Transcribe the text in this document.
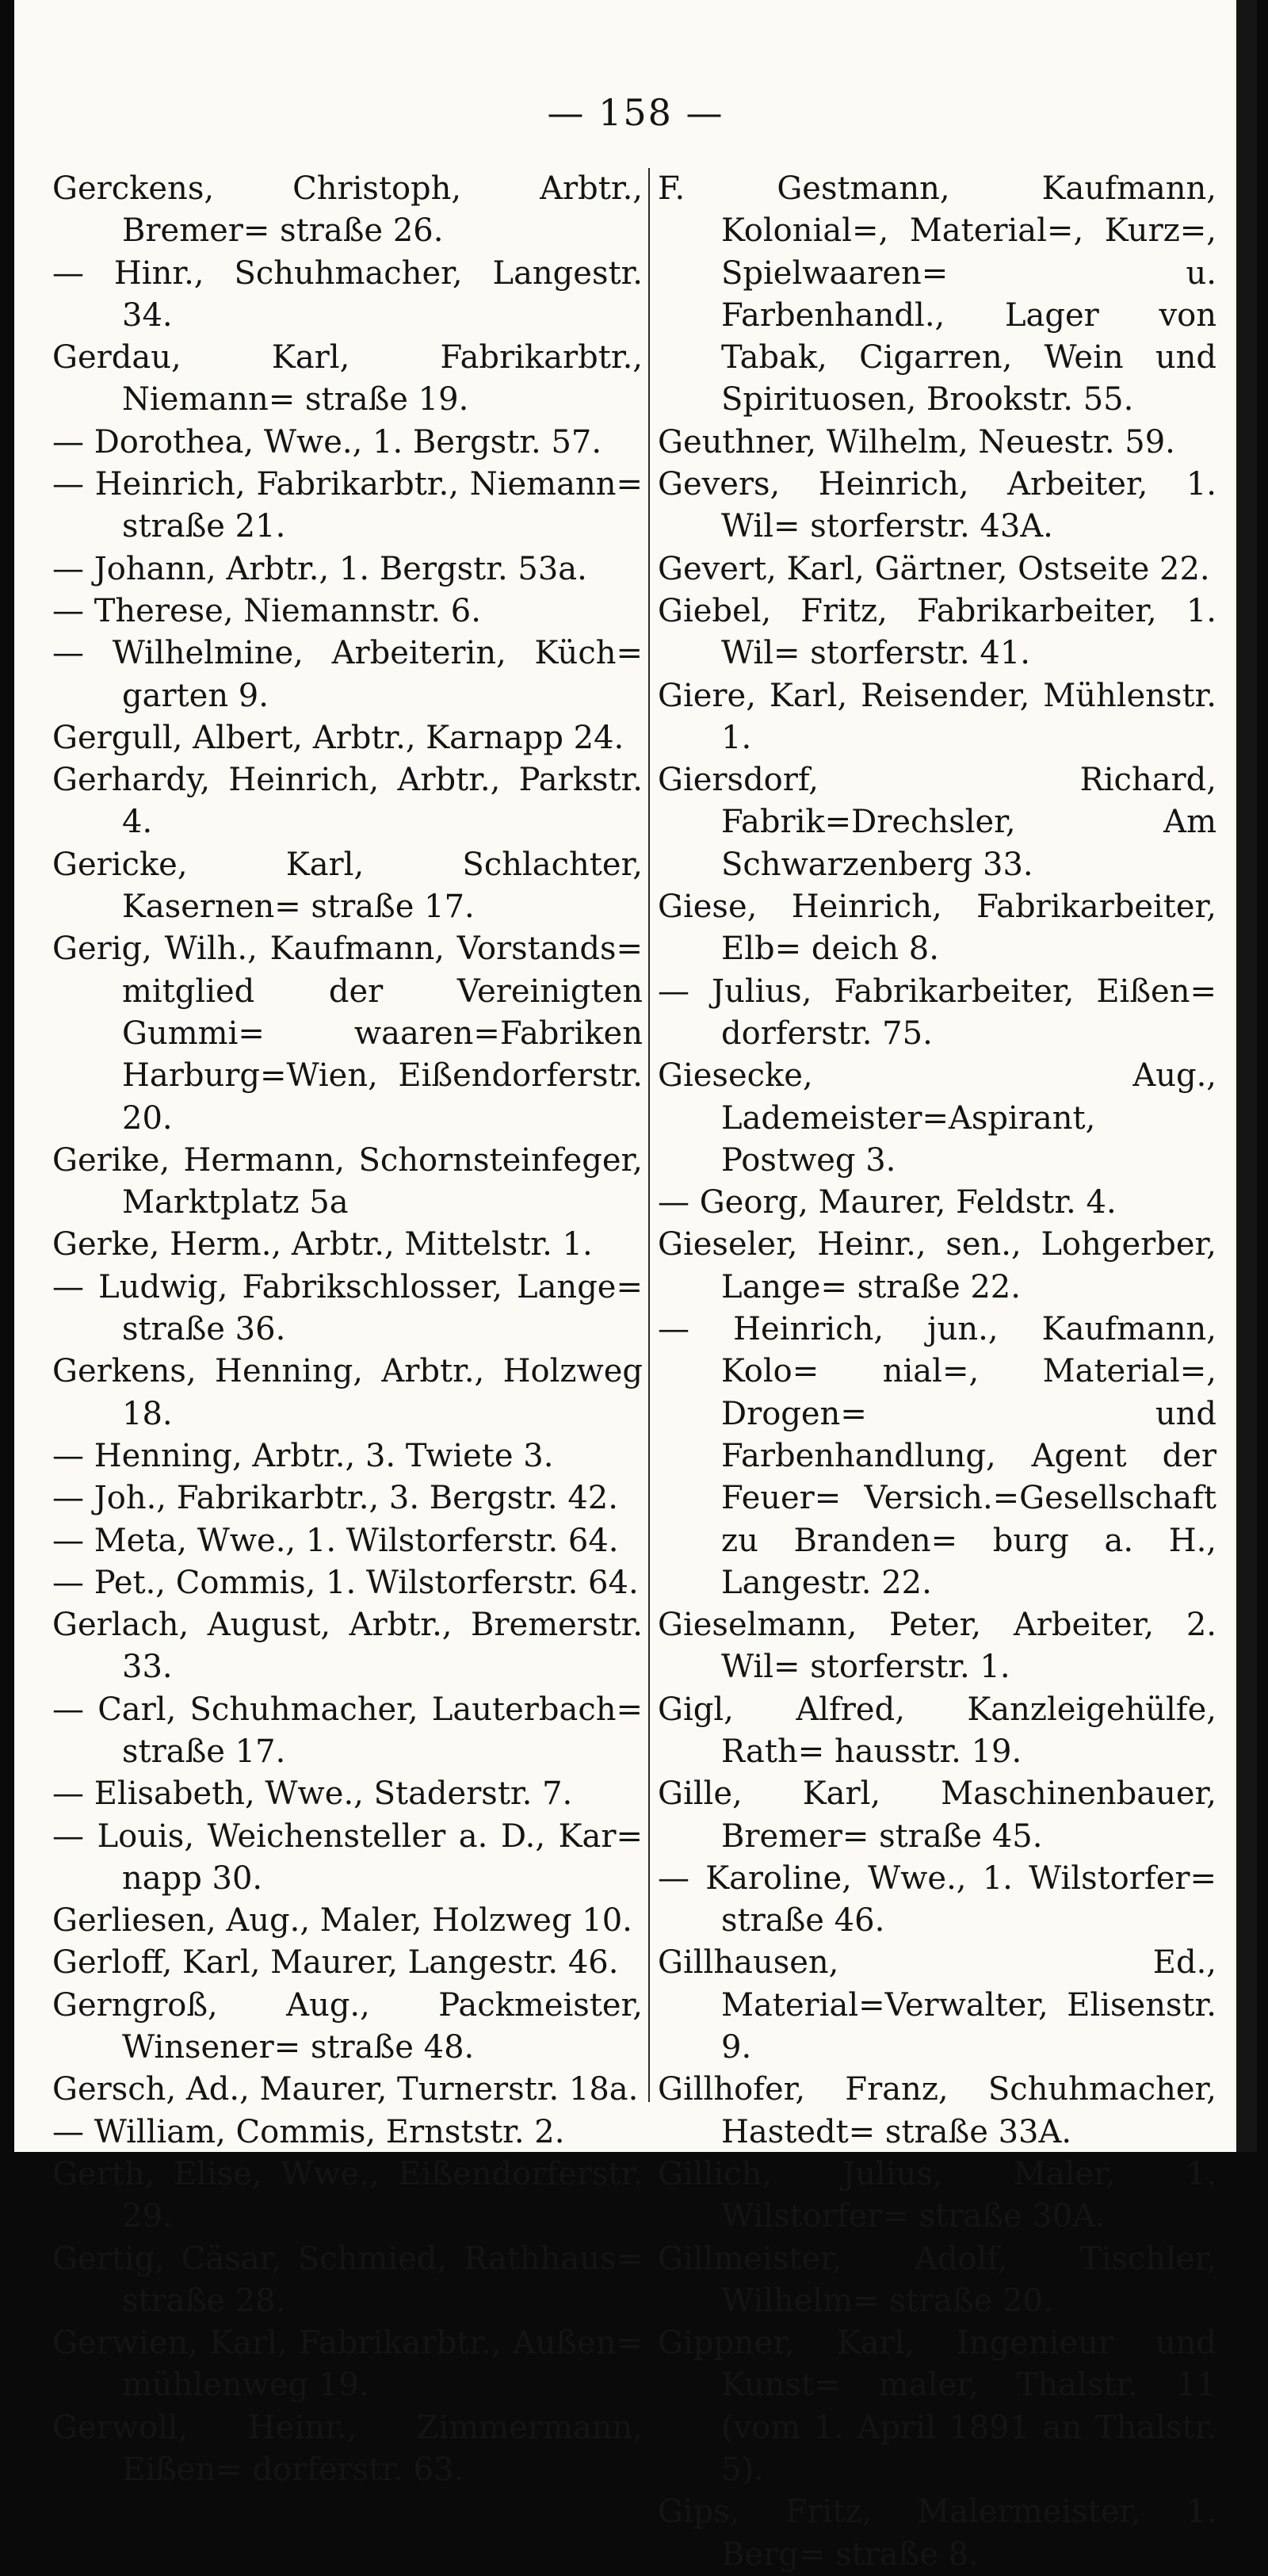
— 158 —
Gerckens, Christoph, Arbtr., Bremer= straße 26.
— Hinr., Schuhmacher, Langestr. 34.
Gerdau, Karl, Fabrikarbtr., Niemann= straße 19.
— Dorothea, Wwe., 1. Bergstr. 57.
— Heinrich, Fabrikarbtr., Niemann= straße 21.
— Johann, Arbtr., 1. Bergstr. 53a.
— Therese, Niemannstr. 6.
— Wilhelmine, Arbeiterin, Küch= garten 9.
Gergull, Albert, Arbtr., Karnapp 24.
Gerhardy, Heinrich, Arbtr., Parkstr. 4.
Gericke, Karl, Schlachter, Kasernen= straße 17.
Gerig, Wilh., Kaufmann, Vorstands= mitglied der Vereinigten Gummi= waaren=Fabriken Harburg=Wien, Eißendorferstr. 20.
Gerike, Hermann, Schornsteinfeger, Marktplatz 5a
Gerke, Herm., Arbtr., Mittelstr. 1.
— Ludwig, Fabrikschlosser, Lange= straße 36.
Gerkens, Henning, Arbtr., Holzweg 18.
— Henning, Arbtr., 3. Twiete 3.
— Joh., Fabrikarbtr., 3. Bergstr. 42.
— Meta, Wwe., 1. Wilstorferstr. 64.
— Pet., Commis, 1. Wilstorferstr. 64.
Gerlach, August, Arbtr., Bremerstr. 33.
— Carl, Schuhmacher, Lauterbach= straße 17.
— Elisabeth, Wwe., Staderstr. 7.
— Louis, Weichensteller a. D., Kar= napp 30.
Gerliesen, Aug., Maler, Holzweg 10.
Gerloff, Karl, Maurer, Langestr. 46.
Gerngroß, Aug., Packmeister, Winsener= straße 48.
Gersch, Ad., Maurer, Turnerstr. 18a.
— William, Commis, Ernststr. 2.
Gerth, Elise, Wwe., Eißendorferstr. 29.
Gertig, Cäsar, Schmied, Rathhaus= straße 28.
Gerwien, Karl, Fabrikarbtr., Außen= mühlenweg 19.
Gerwoll, Heinr., Zimmermann, Eißen= dorferstr. 63.
F. Gestmann, Kaufmann, Kolonial=, Material=, Kurz=, Spielwaaren= u. Farbenhandl., Lager von Tabak, Cigarren, Wein und Spirituosen, Brookstr. 55.
Geuthner, Wilhelm, Neuestr. 59.
Gevers, Heinrich, Arbeiter, 1. Wil= storferstr. 43A.
Gevert, Karl, Gärtner, Ostseite 22.
Giebel, Fritz, Fabrikarbeiter, 1. Wil= storferstr. 41.
Giere, Karl, Reisender, Mühlenstr. 1.
Giersdorf, Richard, Fabrik=Drechsler, Am Schwarzenberg 33.
Giese, Heinrich, Fabrikarbeiter, Elb= deich 8.
— Julius, Fabrikarbeiter, Eißen= dorferstr. 75.
Giesecke, Aug., Lademeister=Aspirant, Postweg 3.
— Georg, Maurer, Feldstr. 4.
Gieseler, Heinr., sen., Lohgerber, Lange= straße 22.
— Heinrich, jun., Kaufmann, Kolo= nial=, Material=, Drogen= und Farbenhandlung, Agent der Feuer= Versich.=Gesellschaft zu Branden= burg a. H., Langestr. 22.
Gieselmann, Peter, Arbeiter, 2. Wil= storferstr. 1.
Gigl, Alfred, Kanzleigehülfe, Rath= hausstr. 19.
Gille, Karl, Maschinenbauer, Bremer= straße 45.
— Karoline, Wwe., 1. Wilstorfer= straße 46.
Gillhausen, Ed., Material=Verwalter, Elisenstr. 9.
Gillhofer, Franz, Schuhmacher, Hastedt= straße 33A.
Gillich, Julius, Maler, 1. Wilstorfer= straße 30A.
Gillmeister, Adolf, Tischler, Wilhelm= straße 20.
Gippner, Karl, Ingenieur und Kunst= maler, Thalstr. 11 (vom 1. April 1891 an Thalstr. 5).
Gips, Fritz, Malermeister, 1. Berg= straße 8.
